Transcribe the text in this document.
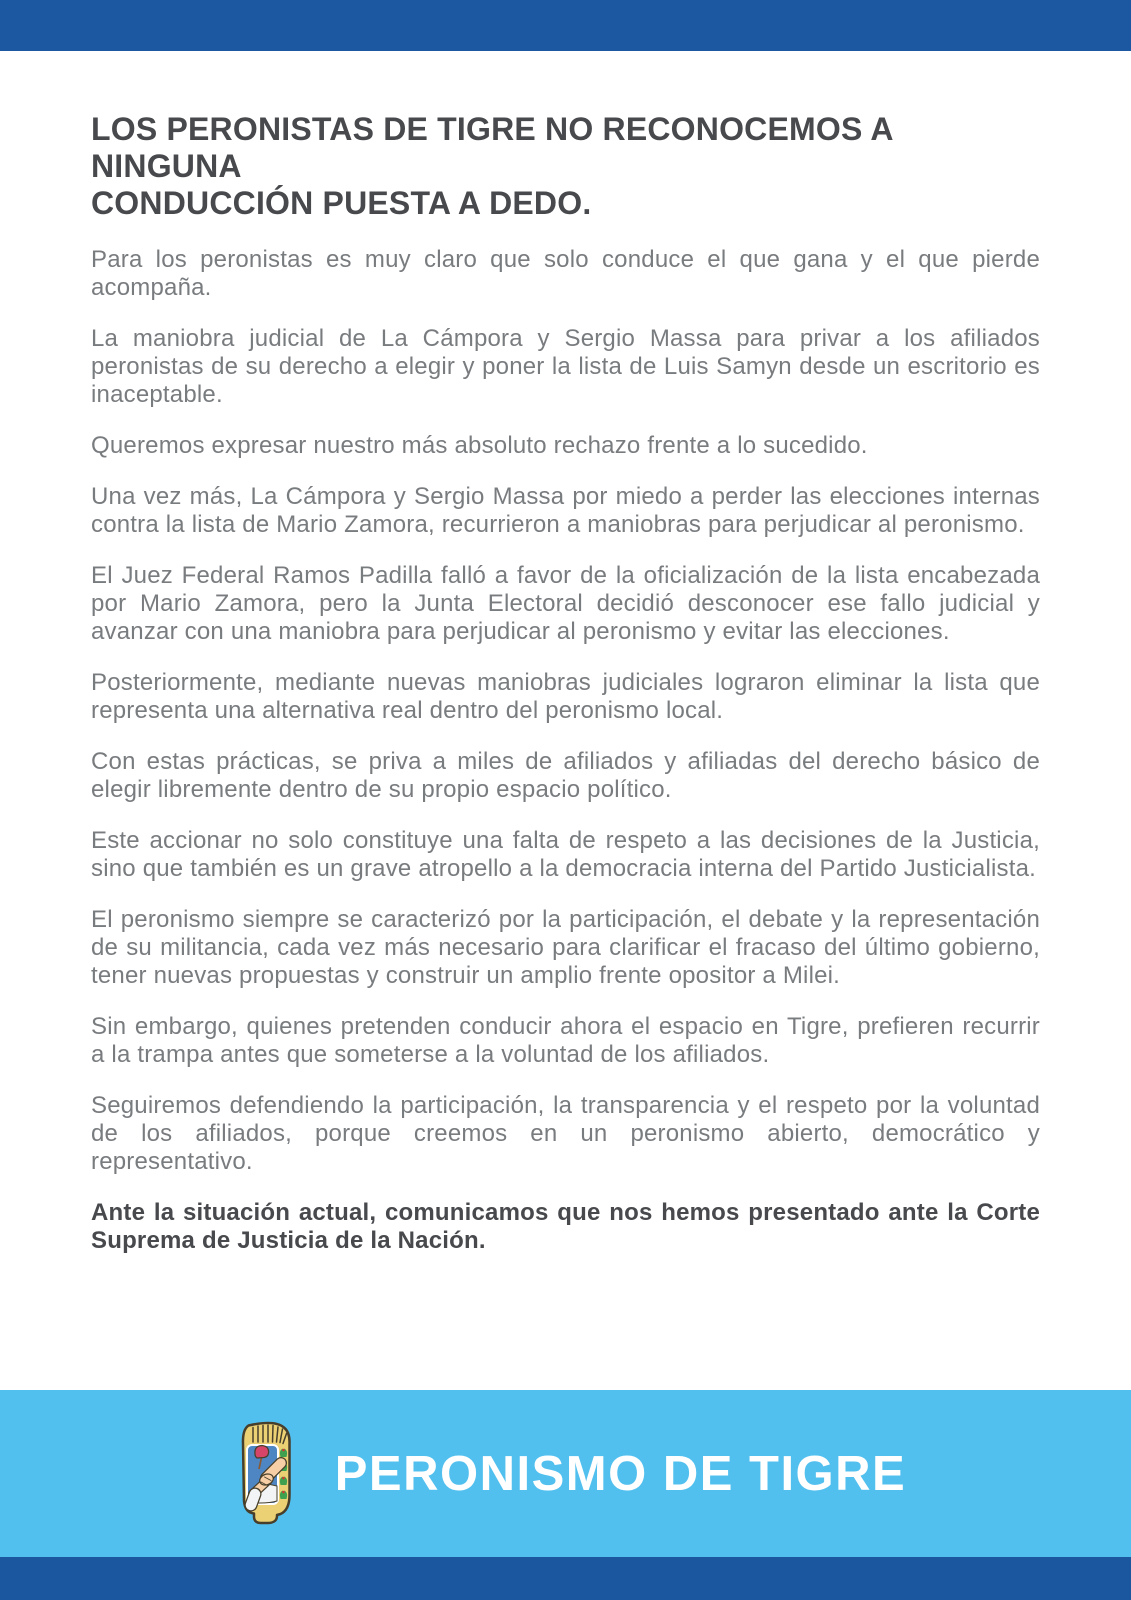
LOS PERONISTAS DE TIGRE NO RECONOCEMOS A NINGUNA
CONDUCCIÓN PUESTA A DEDO.

Para los peronistas es muy claro que solo conduce el que gana y el que pierde acompaña.

La maniobra judicial de La Cámpora y Sergio Massa para privar a los afiliados peronistas de su derecho a elegir y poner la lista de Luis Samyn desde un escritorio es inaceptable.

Queremos expresar nuestro más absoluto rechazo frente a lo sucedido.

Una vez más, La Cámpora y Sergio Massa por miedo a perder las elecciones internas contra la lista de Mario Zamora, recurrieron a maniobras para perjudicar al peronismo.

El Juez Federal Ramos Padilla falló a favor de la oficialización de la lista encabezada por Mario Zamora, pero la Junta Electoral decidió desconocer ese fallo judicial y avanzar con una maniobra para perjudicar al peronismo y evitar las elecciones.

Posteriormente, mediante nuevas maniobras judiciales lograron eliminar la lista que representa una alternativa real dentro del peronismo local.

Con estas prácticas, se priva a miles de afiliados y afiliadas del derecho básico de elegir libremente dentro de su propio espacio político.

Este accionar no solo constituye una falta de respeto a las decisiones de la Justicia, sino que también es un grave atropello a la democracia interna del Partido Justicialista.

El peronismo siempre se caracterizó por la participación, el debate y la representación de su militancia, cada vez más necesario para clarificar el fracaso del último gobierno, tener nuevas propuestas y construir un amplio frente opositor a Milei.

Sin embargo, quienes pretenden conducir ahora el espacio en Tigre, prefieren recurrir a la trampa antes que someterse a la voluntad de los afiliados.

Seguiremos defendiendo la participación, la transparencia y el respeto por la voluntad de los afiliados, porque creemos en un peronismo abierto, democrático y representativo.

Ante la situación actual, comunicamos que nos hemos presentado ante la Corte Suprema de Justicia de la Nación.

PERONISMO DE TIGRE
